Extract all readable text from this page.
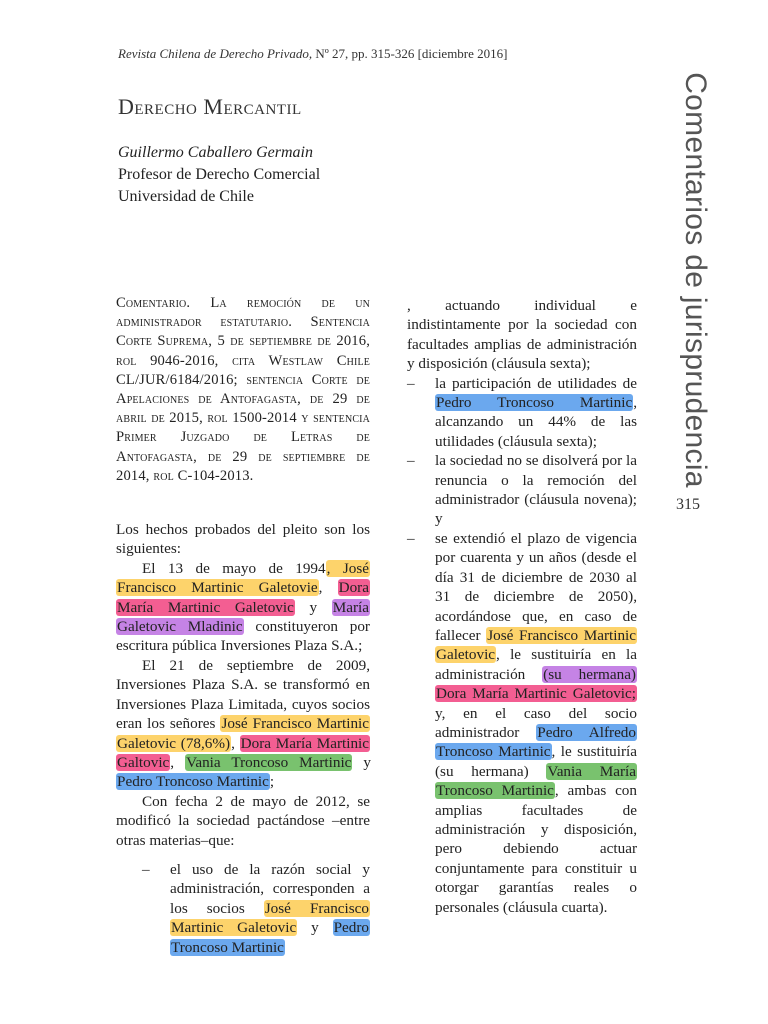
Revista Chilena de Derecho Privado, Nº 27, pp. 315-326 [diciembre 2016]
Derecho Mercantil
Guillermo Caballero Germain
Profesor de Derecho Comercial
Universidad de Chile	Comentarios de jurisprudencia
315
Comentario. La remoción de un administrador estatutario. Sentencia Corte Suprema, 5 de septiembre de 2016, rol 9046-2016, cita Westlaw Chile CL/JUR/6184/2016; sentencia Corte de Apelaciones de Antofagasta, de 29 de abril de 2015, rol 1500-2014 y sentencia Primer Juzgado de Letras de Antofagasta, de 29 de septiembre de 2014, rol C-104-2013.

Los hechos probados del pleito son los siguientes:

El 13 de mayo de 1994, José Francisco Martinic Galetovie, Dora María Martinic Galetovic y María Galetovic Mladinic constituyeron por escritura pública Inversiones Plaza S.A.;

El 21 de septiembre de 2009, Inversiones Plaza S.A. se transformó en Inversiones Plaza Limitada, cuyos socios eran los señores José Francisco Martinic Galetovic (78,6%), Dora María Martinic Galtovic, Vania Troncoso Martinic y Pedro Troncoso Martinic;

Con fecha 2 de mayo de 2012, se modificó la sociedad pactándose –entre otras materias–que:

– el uso de la razón social y administración, corresponden a los socios José Francisco Martinic Galetovic y Pedro Troncoso Martinic

, actuando individual e indistintamente por la sociedad con facultades amplias de administración y disposición (cláusula sexta);

– la participación de utilidades de Pedro Troncoso Martinic, alcanzando un 44% de las utilidades (cláusula sexta);

– la sociedad no se disolverá por la renuncia o la remoción del administrador (cláusula novena); y

– se extendió el plazo de vigencia por cuarenta y un años (desde el día 31 de diciembre de 2030 al 31 de diciembre de 2050), acordándose que, en caso de fallecer José Francisco Martinic Galetovic, le sustituiría en la administración (su hermana) Dora María Martinic Galetovic; y, en el caso del socio administrador Pedro Alfredo Troncoso Martinic, le sustituiría (su hermana) Vania María Troncoso Martinic, ambas con amplias facultades de administración y disposición, pero debiendo actuar conjuntamente para constituir u otorgar garantías reales o personales (cláusula cuarta).
